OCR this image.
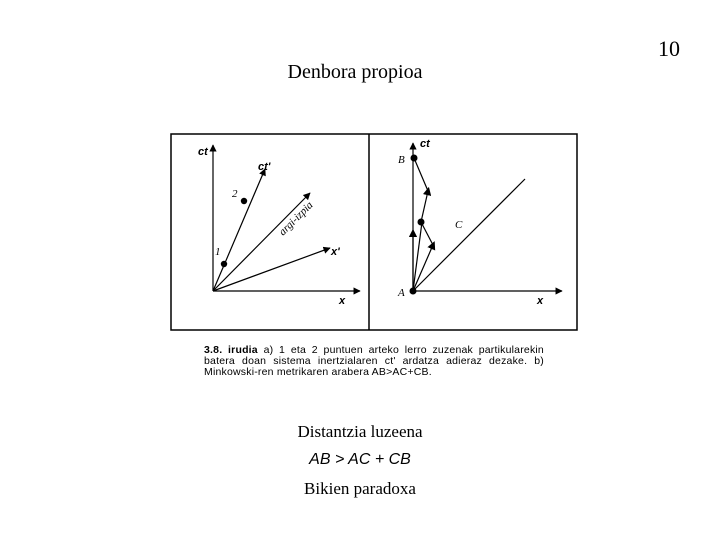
10
Denbora propioa
ct
ct'
x
x'
argi-izpia
1
2
ct
x
A
B
C
3.8. irudia a) 1 eta 2 puntuen arteko lerro zuzenak partikularekin batera doan sistema inertzialaren ct' ardatza adieraz dezake. b) Minkowski-ren metrikaren arabera AB>AC+CB.
Distantzia luzeena
AB > AC + CB
Bikien paradoxa
